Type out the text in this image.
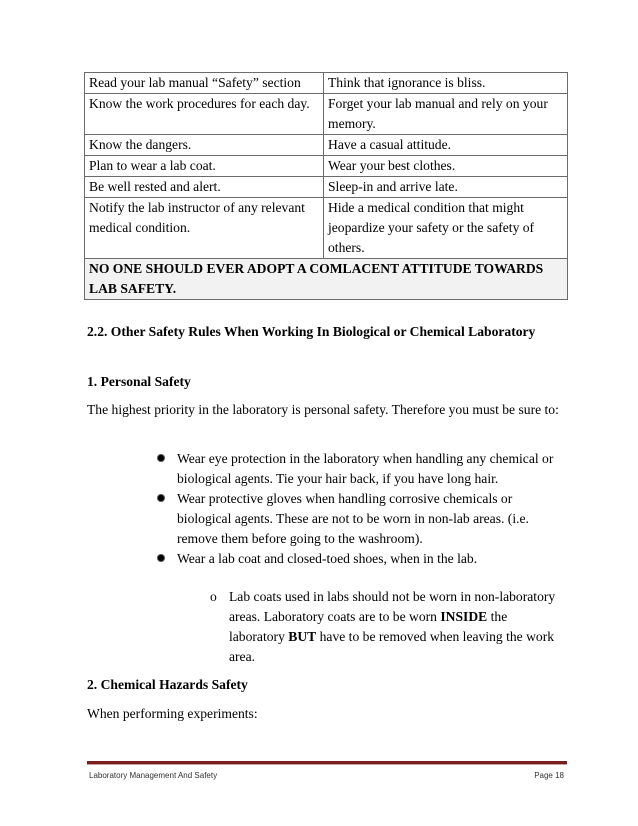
Read your lab manual “Safety” section	Think that ignorance is bliss.
Know the work procedures for each day.	Forget your lab manual and rely on your memory.
Know the dangers.	Have a casual attitude.
Plan to wear a lab coat.	Wear your best clothes.
Be well rested and alert.	Sleep-in and arrive late.
Notify the lab instructor of any relevant medical condition.	Hide a medical condition that might jeopardize your safety or the safety of others.
NO ONE SHOULD EVER ADOPT A COMLACENT ATTITUDE TOWARDS LAB SAFETY.	
2.2. Other Safety Rules When Working In Biological or Chemical Laboratory
1. Personal Safety
The highest priority in the laboratory is personal safety. Therefore you must be sure to:
Wear eye protection in the laboratory when handling any chemical or biological agents. Tie your hair back, if you have long hair.
Wear protective gloves when handling corrosive chemicals or biological agents. These are not to be worn in non-lab areas. (i.e. remove them before going to the washroom).
Wear a lab coat and closed-toed shoes, when in the lab.
o Lab coats used in labs should not be worn in non-laboratory areas. Laboratory coats are to be worn INSIDE the laboratory BUT have to be removed when leaving the work area.
2. Chemical Hazards Safety
When performing experiments:
Laboratory Management And Safety	Page 18
